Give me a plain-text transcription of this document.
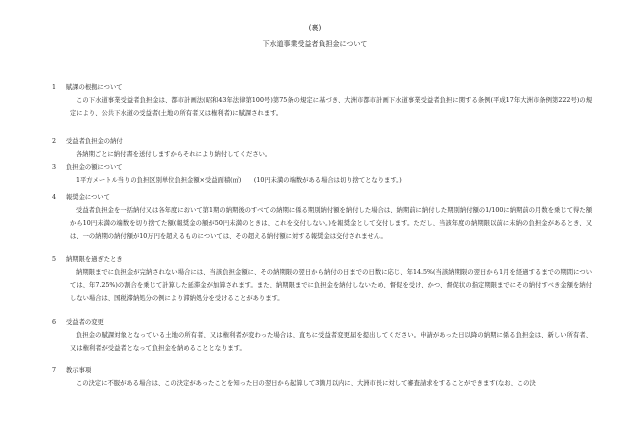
(裏)
下水道事業受益者負担金について
1 賦課の根拠について
この下水道事業受益者負担金は、都市計画法(昭和43年法律第100号)第75条の規定に基づき、大洲市都市計画下水道事業受益者負担に関する条例(平成17年大洲市条例第222号)の規定により、公共下水道の受益者(土地の所有者又は権利者)に賦課されます。
2 受益者負担金の納付
各納期ごとに納付書を送付しますからそれにより納付してください。
3 負担金の額について
1平方メートル当りの負担区別単位負担金額×受益面積(㎡)　　(10円未満の端数がある場合は切り捨てとなります。)
4 報奨金について
受益者負担金を一括納付又は各年度において第1期の納期後のすべての納期に係る期別納付額を納付した場合は、納期前に納付した期別納付額の1/100に納期前の月数を乗じて得た額から10円未満の端数を切り捨てた額(報奨金の額が50円未満のときは、これを交付しない。)を報奨金として交付します。ただし、当該年度の納期限以前に未納の負担金があるとき、又は、一の納期の納付額が10万円を超えるものについては、その超える納付額に対する報奨金は交付されません。
5 納期限を過ぎたとき
納期限までに負担金が完納されない場合には、当該負担金額に、その納期限の翌日から納付の日までの日数に応じ、年14.5%(当該納期限の翌日から1月を経過するまでの期間については、年7.25%)の割合を乗じて計算した延滞金が加算されます。また、納期限までに負担金を納付しないため、督促を受け、かつ、督促状の指定期限までにその納付すべき金額を納付しない場合は、国税滞納処分の例により滞納処分を受けることがあります。
6 受益者の変更
負担金の賦課対象となっている土地の所有者、又は権利者が変わった場合は、直ちに受益者変更届を提出してください。申請があった日以降の納期に係る負担金は、新しい所有者、又は権利者が受益者となって負担金を納めることとなります。
7 教示事項
この決定に不服がある場合は、この決定があったことを知った日の翌日から起算して3箇月以内に、大洲市長に対して審査請求をすることができます(なお、この決
